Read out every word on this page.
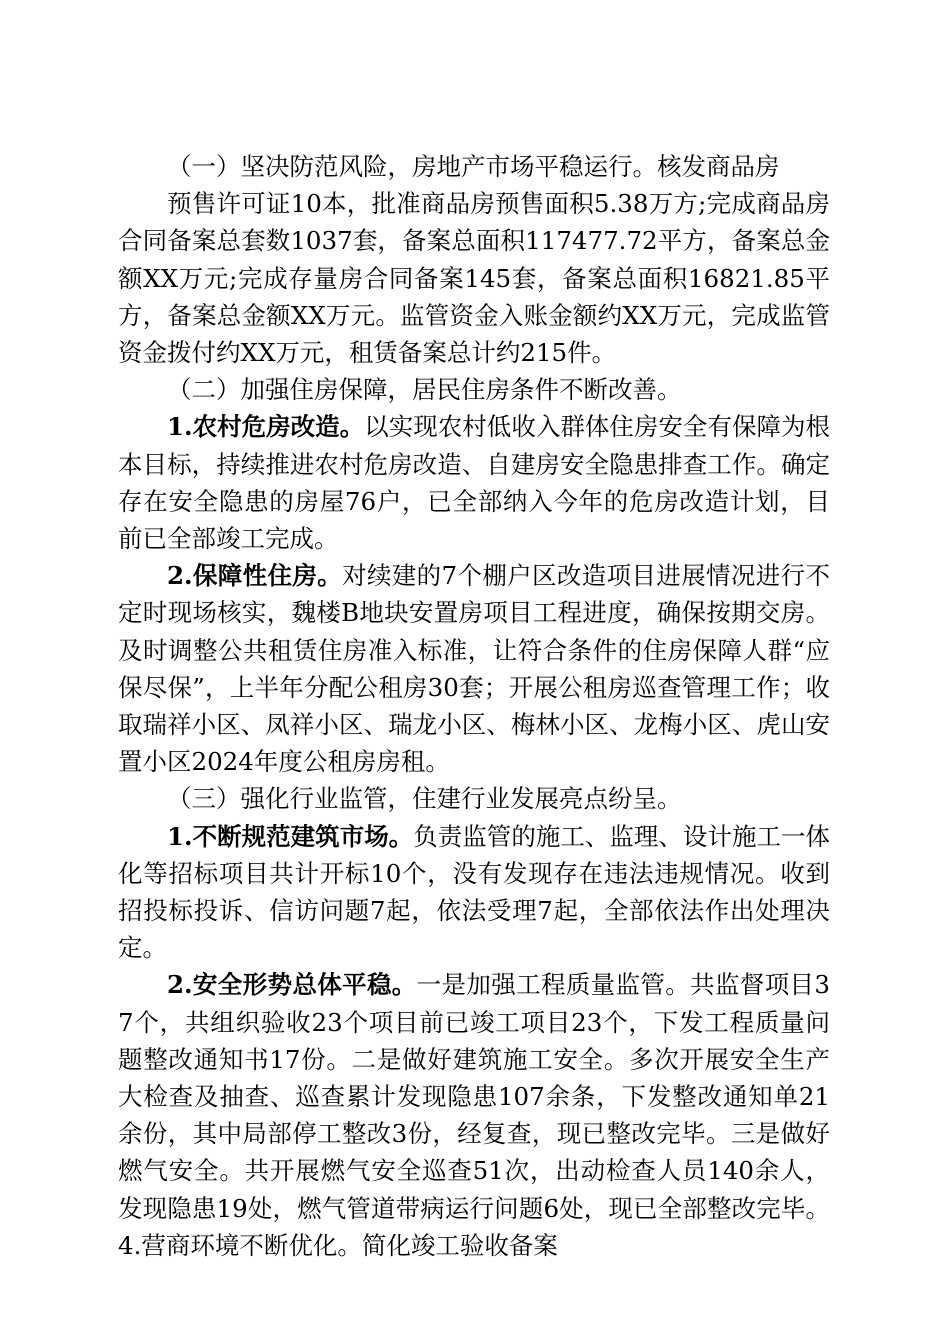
（一）坚决防范风险，房地产市场平稳运行。核发商品房

预售许可证10本，批准商品房预售面积5.38万方;完成商品房合同备案总套数1037套，备案总面积117477.72平方，备案总金额XX万元;完成存量房合同备案145套，备案总面积16821.85平方，备案总金额XX万元。监管资金入账金额约XX万元，完成监管资金拨付约XX万元，租赁备案总计约215件。

（二）加强住房保障，居民住房条件不断改善。

1.农村危房改造。以实现农村低收入群体住房安全有保障为根本目标，持续推进农村危房改造、自建房安全隐患排查工作。确定存在安全隐患的房屋76户，已全部纳入今年的危房改造计划，目前已全部竣工完成。

2.保障性住房。对续建的7个棚户区改造项目进展情况进行不定时现场核实，魏楼B地块安置房项目工程进度，确保按期交房。及时调整公共租赁住房准入标准，让符合条件的住房保障人群“应保尽保”，上半年分配公租房30套；开展公租房巡查管理工作；收取瑞祥小区、凤祥小区、瑞龙小区、梅林小区、龙梅小区、虎山安置小区2024年度公租房房租。

（三）强化行业监管，住建行业发展亮点纷呈。

1.不断规范建筑市场。负责监管的施工、监理、设计施工一体化等招标项目共计开标10个，没有发现存在违法违规情况。收到招投标投诉、信访问题7起，依法受理7起，全部依法作出处理决定。

2.安全形势总体平稳。一是加强工程质量监管。共监督项目37个，共组织验收23个项目前已竣工项目23个，下发工程质量问题整改通知书17份。二是做好建筑施工安全。多次开展安全生产大检查及抽查、巡查累计发现隐患107余条，下发整改通知单21余份，其中局部停工整改3份，经复查，现已整改完毕。三是做好燃气安全。共开展燃气安全巡查51次，出动检查人员140余人，发现隐患19处，燃气管道带病运行问题6处，现已全部整改完毕。4.营商环境不断优化。简化竣工验收备案
